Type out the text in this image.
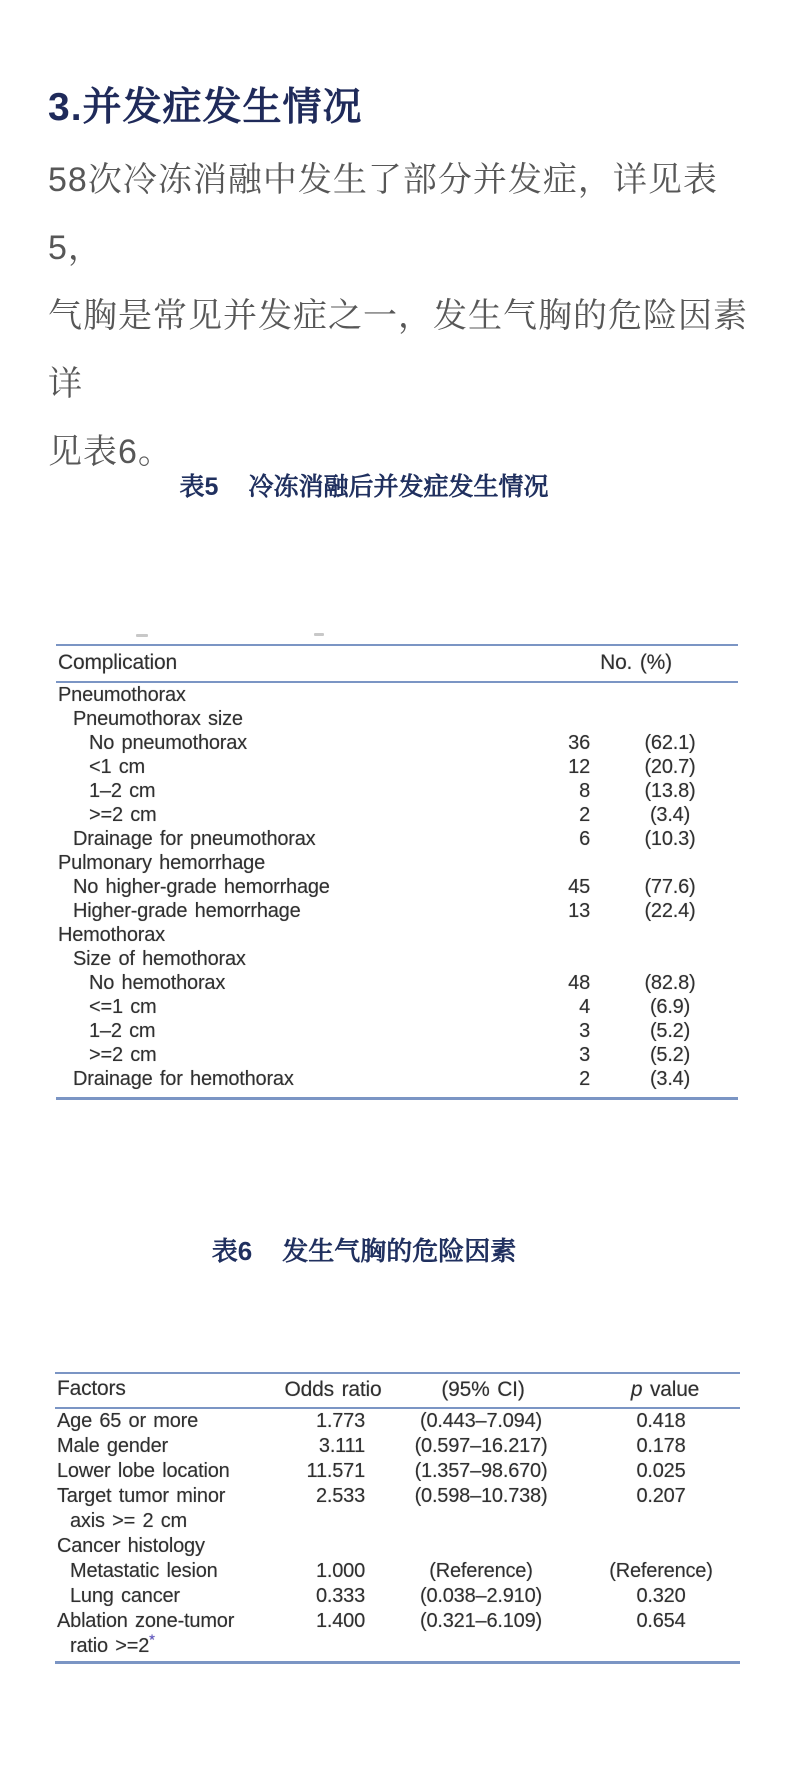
3.并发症发生情况
58次冷冻消融中发生了部分并发症，详见表5，
气胸是常见并发症之一，发生气胸的危险因素详
见表6。
表5 冷冻消融后并发症发生情况
Complication	No. (%)
Pneumothorax
Pneumothorax size
No pneumothorax	36	(62.1)
<1 cm	12	(20.7)
1–2 cm	8	(13.8)
>=2 cm	2	(3.4)
Drainage for pneumothorax	6	(10.3)
Pulmonary hemorrhage
No higher-grade hemorrhage	45	(77.6)
Higher-grade hemorrhage	13	(22.4)
Hemothorax
Size of hemothorax
No hemothorax	48	(82.8)
<=1 cm	4	(6.9)
1–2 cm	3	(5.2)
>=2 cm	3	(5.2)
Drainage for hemothorax	2	(3.4)
表6 发生气胸的危险因素
Factors	Odds ratio	(95% CI)	p value
Age 65 or more	1.773	(0.443–7.094)	0.418
Male gender	3.111	(0.597–16.217)	0.178
Lower lobe location	11.571	(1.357–98.670)	0.025
Target tumor minor	2.533	(0.598–10.738)	0.207
axis >= 2 cm
Cancer histology
Metastatic lesion	1.000	(Reference)	(Reference)
Lung cancer	0.333	(0.038–2.910)	0.320
Ablation zone-tumor	1.400	(0.321–6.109)	0.654
ratio >=2*
